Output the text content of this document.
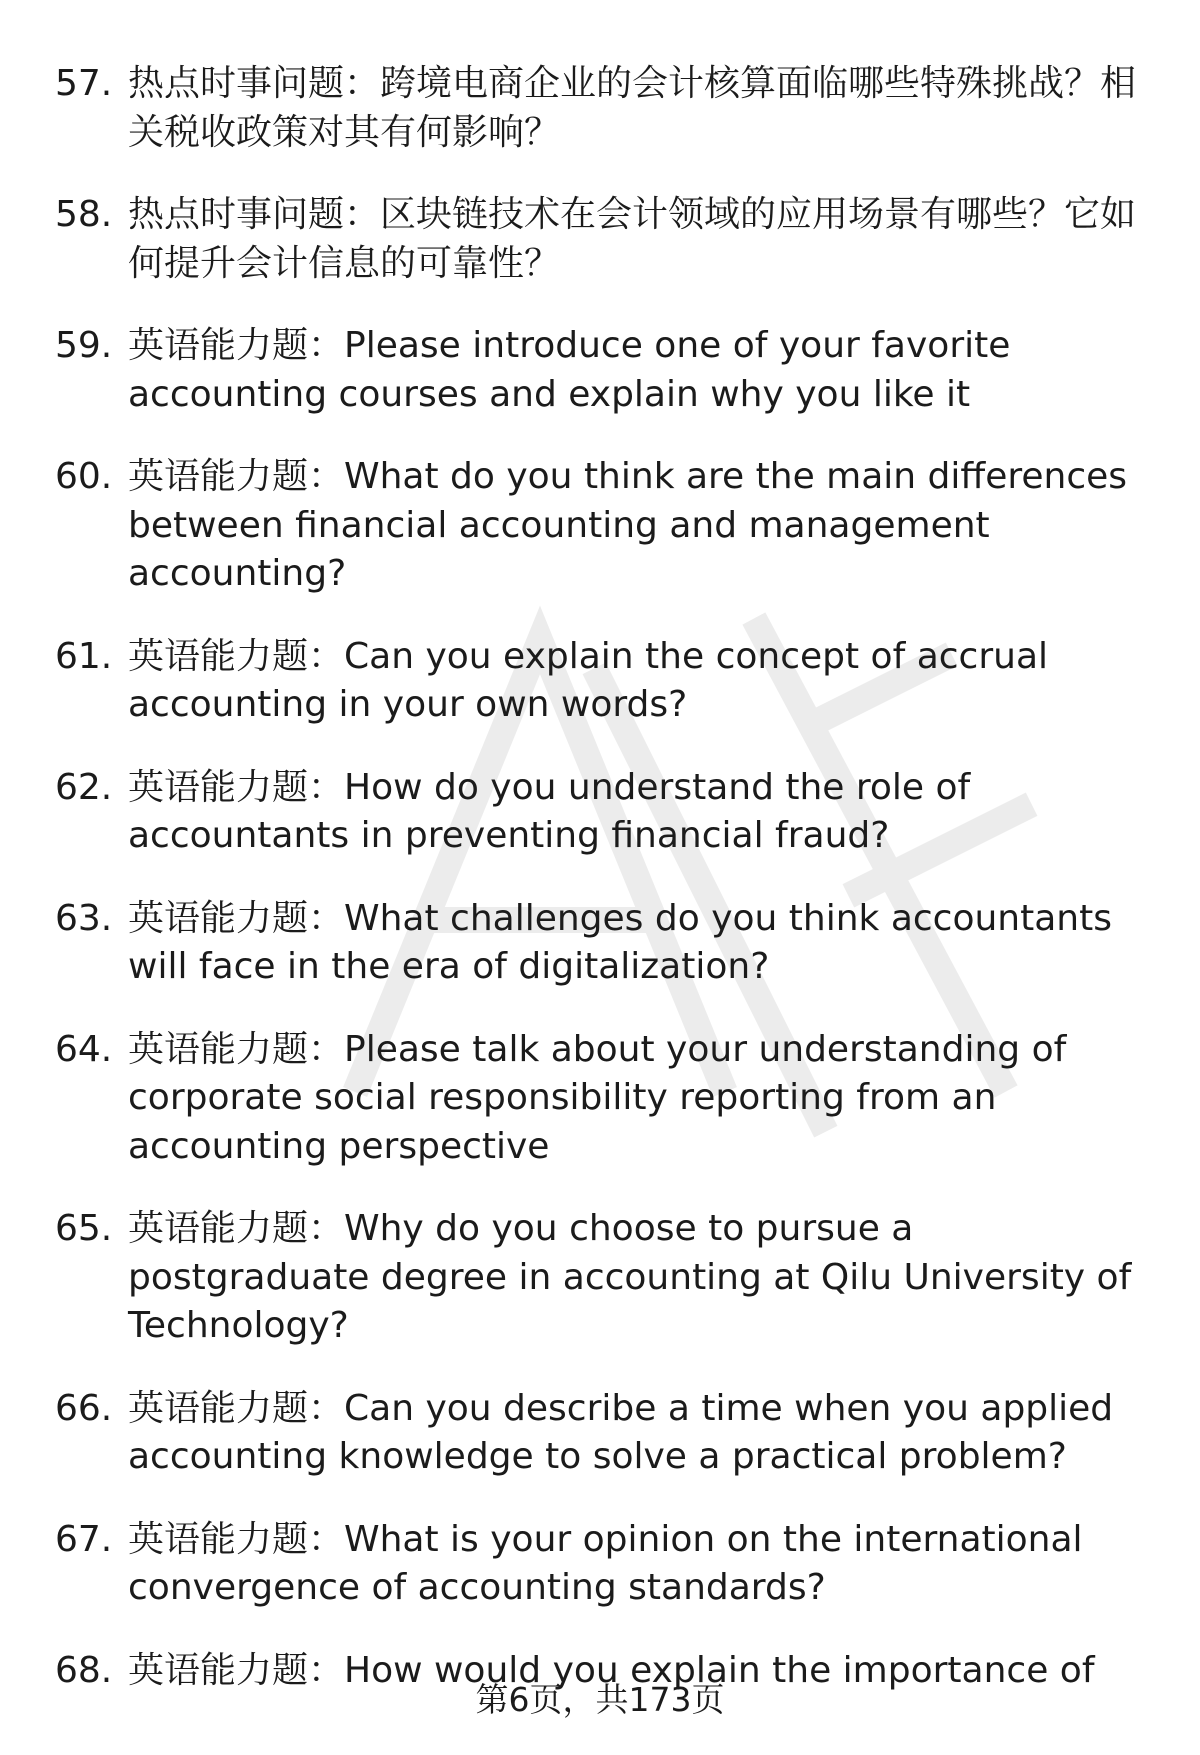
57. 热点时事问题：跨境电商企业的会计核算面临哪些特殊挑战？相关税收政策对其有何影响？
58. 热点时事问题：区块链技术在会计领域的应用场景有哪些？它如何提升会计信息的可靠性？
59. 英语能力题：Please introduce one of your favorite accounting courses and explain why you like it
60. 英语能力题：What do you think are the main differences between financial accounting and management accounting?
61. 英语能力题：Can you explain the concept of accrual accounting in your own words?
62. 英语能力题：How do you understand the role of accountants in preventing financial fraud?
63. 英语能力题：What challenges do you think accountants will face in the era of digitalization?
64. 英语能力题：Please talk about your understanding of corporate social responsibility reporting from an accounting perspective
65. 英语能力题：Why do you choose to pursue a postgraduate degree in accounting at Qilu University of Technology?
66. 英语能力题：Can you describe a time when you applied accounting knowledge to solve a practical problem?
67. 英语能力题：What is your opinion on the international convergence of accounting standards?
68. 英语能力题：How would you explain the importance of
第6页，共173页
